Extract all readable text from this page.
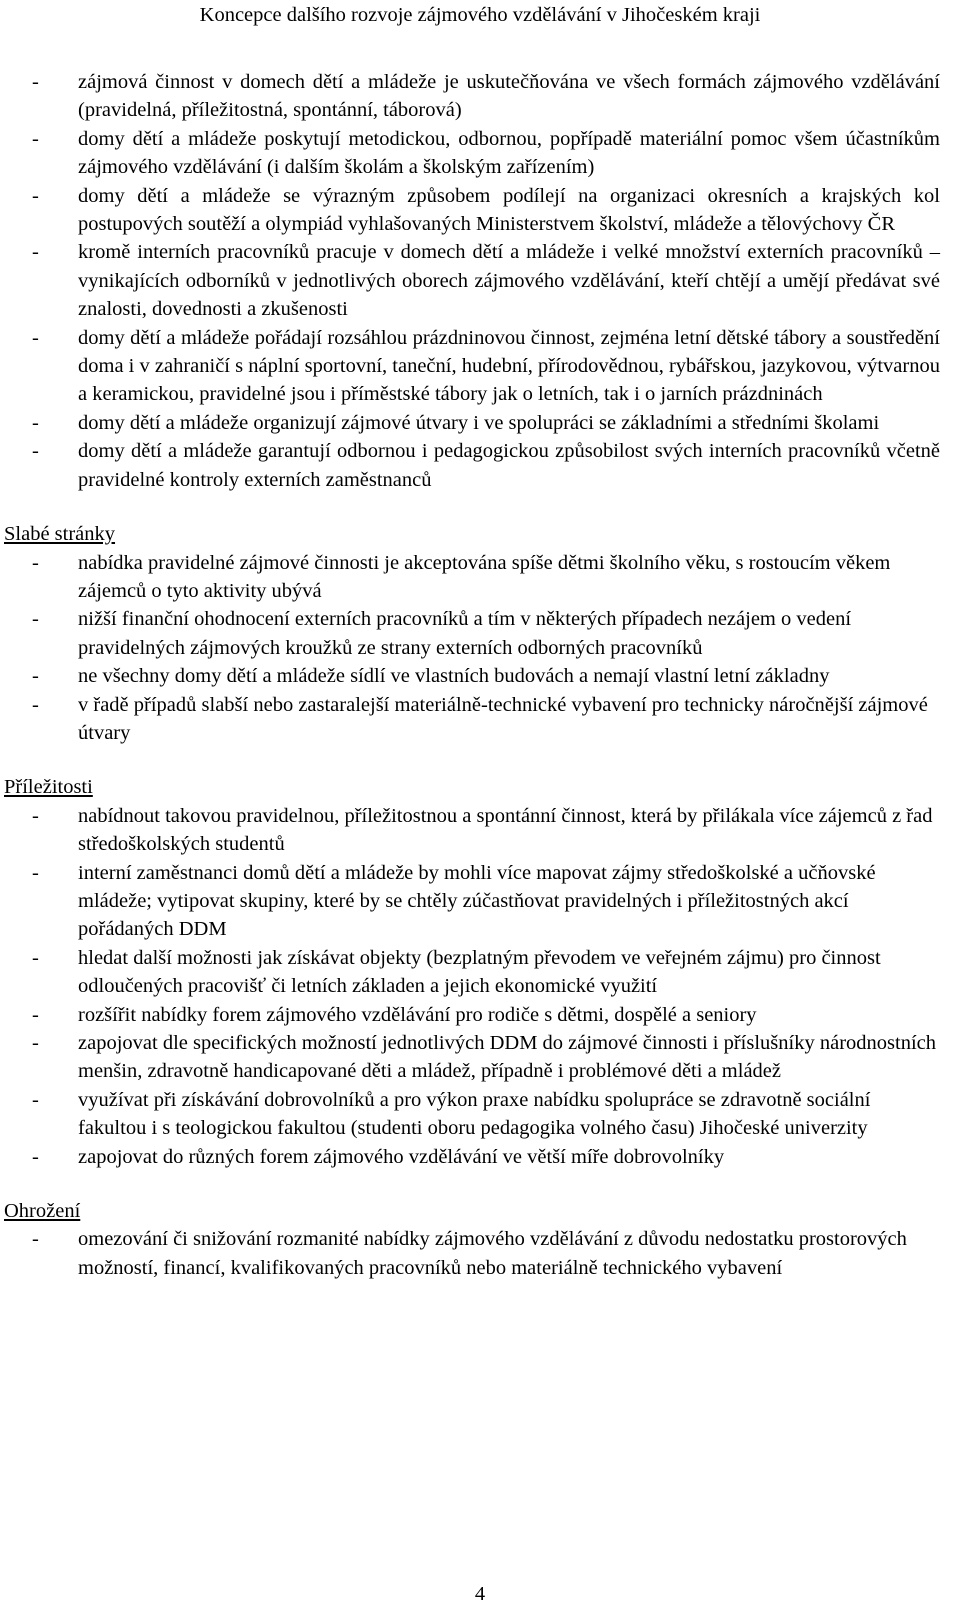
Koncepce dalšího rozvoje zájmového vzdělávání v Jihočeském kraji
- zájmová činnost v domech dětí a mládeže je uskutečňována ve všech formách zájmového vzdělávání (pravidelná, příležitostná, spontánní, táborová)
- domy dětí a mládeže poskytují metodickou, odbornou, popřípadě materiální pomoc všem účastníkům zájmového vzdělávání (i dalším školám a školským zařízením)
- domy dětí a mládeže se výrazným způsobem podílejí na organizaci okresních a krajských kol postupových soutěží a olympiád vyhlašovaných Ministerstvem školství, mládeže a tělovýchovy ČR
- kromě interních pracovníků pracuje v domech dětí a mládeže i velké množství externích pracovníků – vynikajících odborníků v jednotlivých oborech zájmového vzdělávání, kteří chtějí a umějí předávat své znalosti, dovednosti a zkušenosti
- domy dětí a mládeže pořádají rozsáhlou prázdninovou činnost, zejména letní dětské tábory a soustředění doma i v zahraničí s náplní sportovní, taneční, hudební, přírodovědnou, rybářskou, jazykovou, výtvarnou a keramickou, pravidelné jsou i příměstské tábory jak o letních, tak i o jarních prázdninách
- domy dětí a mládeže organizují zájmové útvary i ve spolupráci se základními a středními školami
- domy dětí a mládeže garantují odbornou i pedagogickou způsobilost svých interních pracovníků včetně pravidelné kontroly externích zaměstnanců

Slabé stránky

- nabídka pravidelné zájmové činnosti je akceptována spíše dětmi školního věku, s rostoucím věkem zájemců o tyto aktivity ubývá
- nižší finanční ohodnocení externích pracovníků a tím v některých případech nezájem o vedení pravidelných zájmových kroužků ze strany externích odborných pracovníků
- ne všechny domy dětí a mládeže sídlí ve vlastních budovách a nemají vlastní letní základny
- v řadě případů slabší nebo zastaralejší materiálně-technické vybavení pro technicky náročnější zájmové útvary

Příležitosti

- nabídnout takovou pravidelnou, příležitostnou a spontánní činnost, která by přilákala více zájemců z řad středoškolských studentů
- interní zaměstnanci domů dětí a mládeže by mohli více mapovat zájmy středoškolské a učňovské mládeže; vytipovat skupiny, které by se chtěly zúčastňovat pravidelných i příležitostných akcí pořádaných DDM
- hledat další možnosti jak získávat objekty (bezplatným převodem ve veřejném zájmu) pro činnost odloučených pracovišť či letních základen a jejich ekonomické využití
- rozšířit nabídky forem zájmového vzdělávání pro rodiče s dětmi, dospělé a seniory
- zapojovat dle specifických možností jednotlivých DDM do zájmové činnosti i příslušníky národnostních menšin, zdravotně handicapované děti a mládež, případně i problémové děti a mládež
- využívat při získávání dobrovolníků a pro výkon praxe nabídku spolupráce se zdravotně sociální fakultou i s teologickou fakultou (studenti oboru pedagogika volného času) Jihočeské univerzity
- zapojovat do různých forem zájmového vzdělávání ve větší míře dobrovolníky

Ohrožení

- omezování či snižování rozmanité nabídky zájmového vzdělávání z důvodu nedostatku prostorových možností, financí, kvalifikovaných pracovníků nebo materiálně technického vybavení
4
